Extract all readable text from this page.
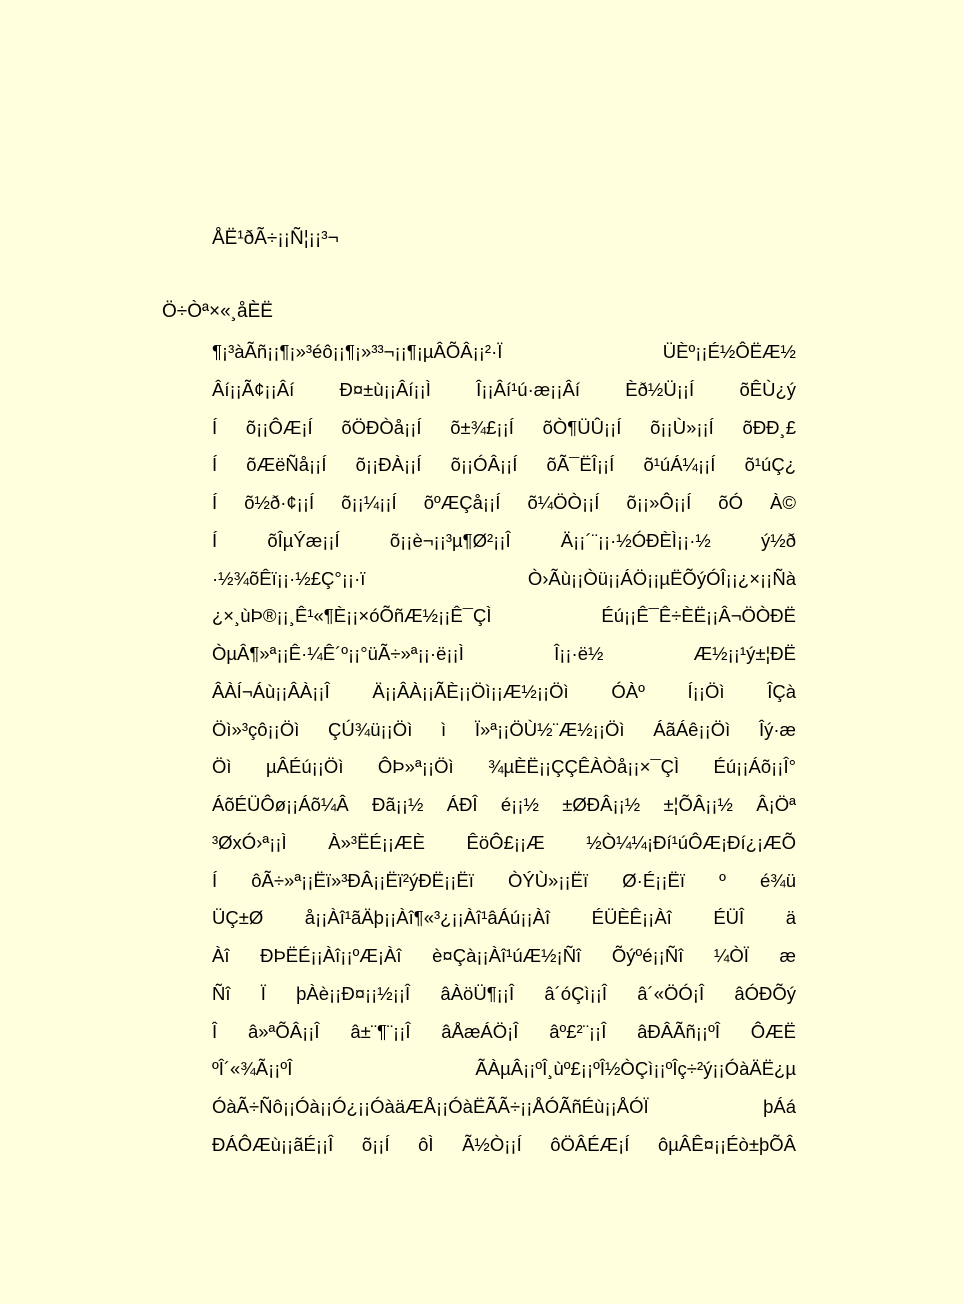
ÅË¹ðÃ÷¡¡Ñ¦¡¡³¬
Ö÷Òª×«¸åÈË
¶¡³àÃñ¡¡¶¡»³éô¡¡¶¡»³³¬¡¡¶¡µÂÕÂ¡¡²·Ï ÜÈº¡¡É½ÔËÆ½
Âí¡¡Ã¢¡¡Âí Ð¤±ù¡¡Âí¡¡Ì Î¡¡Âí¹ú·æ¡¡Âí Èð½Ü¡¡Í õÊÙ¿ý
Í õ¡¡ÔÆ¡Í õÖÐÒå¡¡Í õ±¾£¡¡Í õÒ¶ÜÛ¡¡Í õ¡¡Ù»¡¡Í õÐÐ¸£
Í õÆëÑå¡¡Í õ¡¡ÐÀ¡¡Í õ¡¡ÓÂ¡¡Í õÃ¯ËÎ¡¡Í õ¹úÁ¼¡¡Í õ¹úÇ¿
Í õ½ð·¢¡¡Í õ¡¡¼¡¡Í õºÆÇå¡¡Í õ¼ÖÒ¡¡Í õ¡¡»Ô¡¡Í õÓ À©
Í õÎµÝæ¡¡Í õ¡¡è¬¡¡³µ¶Ø²¡¡Î Ä¡¡´¨¡¡·½ÓÐÈÌ¡¡·½ ý½ð
·½¾õÊï¡¡·½£Ç°¡¡·ï Ò›Ãù¡¡Òü¡¡ÁÖ¡¡µËÕýÓÎ¡¡¿×¡¡Ñà
¿×¸ùÞ®¡¡¸Ê¹«¶È¡¡×óÕñÆ½¡¡Ê¯ÇÌ Éú¡¡Ê¯Ê÷ÈË¡¡Â¬ÖÒÐË
ÒµÂ¶»ª¡¡Ê·¼Ê´º¡¡°üÃ÷»ª¡¡·ë¡¡Ì Î¡¡·ë½ Æ½¡¡¹ý±¦ÐË
ÂÀÍ¬Áù¡¡ÂÀ¡¡Î Ä¡¡ÂÀ¡¡ÃÈ¡¡Öì¡¡Æ½¡¡Öì ÓÀº Í¡¡Öì ÎÇà
Öì»³çô¡¡Öì ÇÚ¾ü¡¡Öì ì Ï»ª¡¡ÖÙ½¨Æ½¡¡Öì ÁãÁê¡¡Öì Îý·æ
Öì µÂÉú¡¡Öì ÔÞ»ª¡¡Öì ¾µÈË¡¡ÇÇÊÀÒå¡¡×¯ÇÌ Éú¡¡Áõ¡¡Î°
ÁõÉÜÔø¡¡Áõ¼Â Ðã¡¡½ ÁÐÎ é¡¡½ ±ØÐÂ¡¡½ ±¦ÕÂ¡¡½ Â¡Öª
³ØxÓ›ª¡¡Ì À»³ËÉ¡¡ÆÈ ÊöÔ£¡¡Æ ½Ò¼¼¡Ðí¹úÔÆ¡Ðí¿¡ÆÕ
Í ôÃ÷»ª¡¡Ëï»³ÐÂ¡¡Ëï²ýÐË¡¡Ëï ÒÝÙ»¡¡Ëï Ø·É¡¡Ëï º é¾ü
ÜÇ±Ø å¡¡Àî¹ãÄþ¡¡Àî¶«³¿¡¡Àî¹âÁú¡¡Àî ÉÜÈÊ¡¡Àî ÉÜÎ ä
Àî ÐÞËÉ¡¡Àî¡¡ºÆ¡Àî è¤Çà¡¡Àî¹úÆ½¡Ñî Õýºé¡¡Ñî ¼ÒÏ æ
Ñî Ï þÀè¡¡Ð¤¡¡½¡¡Î âÀöÜ¶¡¡Î â´óÇì¡¡Î â´«ÖÓ¡Î âÓÐÕý
Î â»ªÕÂ¡¡Î â±¨¶¨¡¡Î âÅæÁÖ¡Î âº£²¨¡¡Î âÐÂÃñ¡¡ºÎ ÔÆË
ºÎ´«¾Ã¡¡ºÎ ÃÀµÂ¡¡ºÎ¸ùº£¡¡ºÎ½ÒÇì¡¡ºÎç÷²ý¡¡ÓàÄË¿µ
ÓàÃ÷Ñô¡¡Óà¡¡Ó¿¡¡ÓàäÆÅ¡¡ÓàËÃÃ÷¡¡ÅÓÃñÉù¡¡ÅÓÏ þÁá
ÐÁÔÆù¡¡ãÉ¡¡Î õ¡¡Í ôÌ Ã½Ò¡¡Í ôÖÂÉÆ¡Í ôµÂÊ¤¡¡Éò±þÕÂ
